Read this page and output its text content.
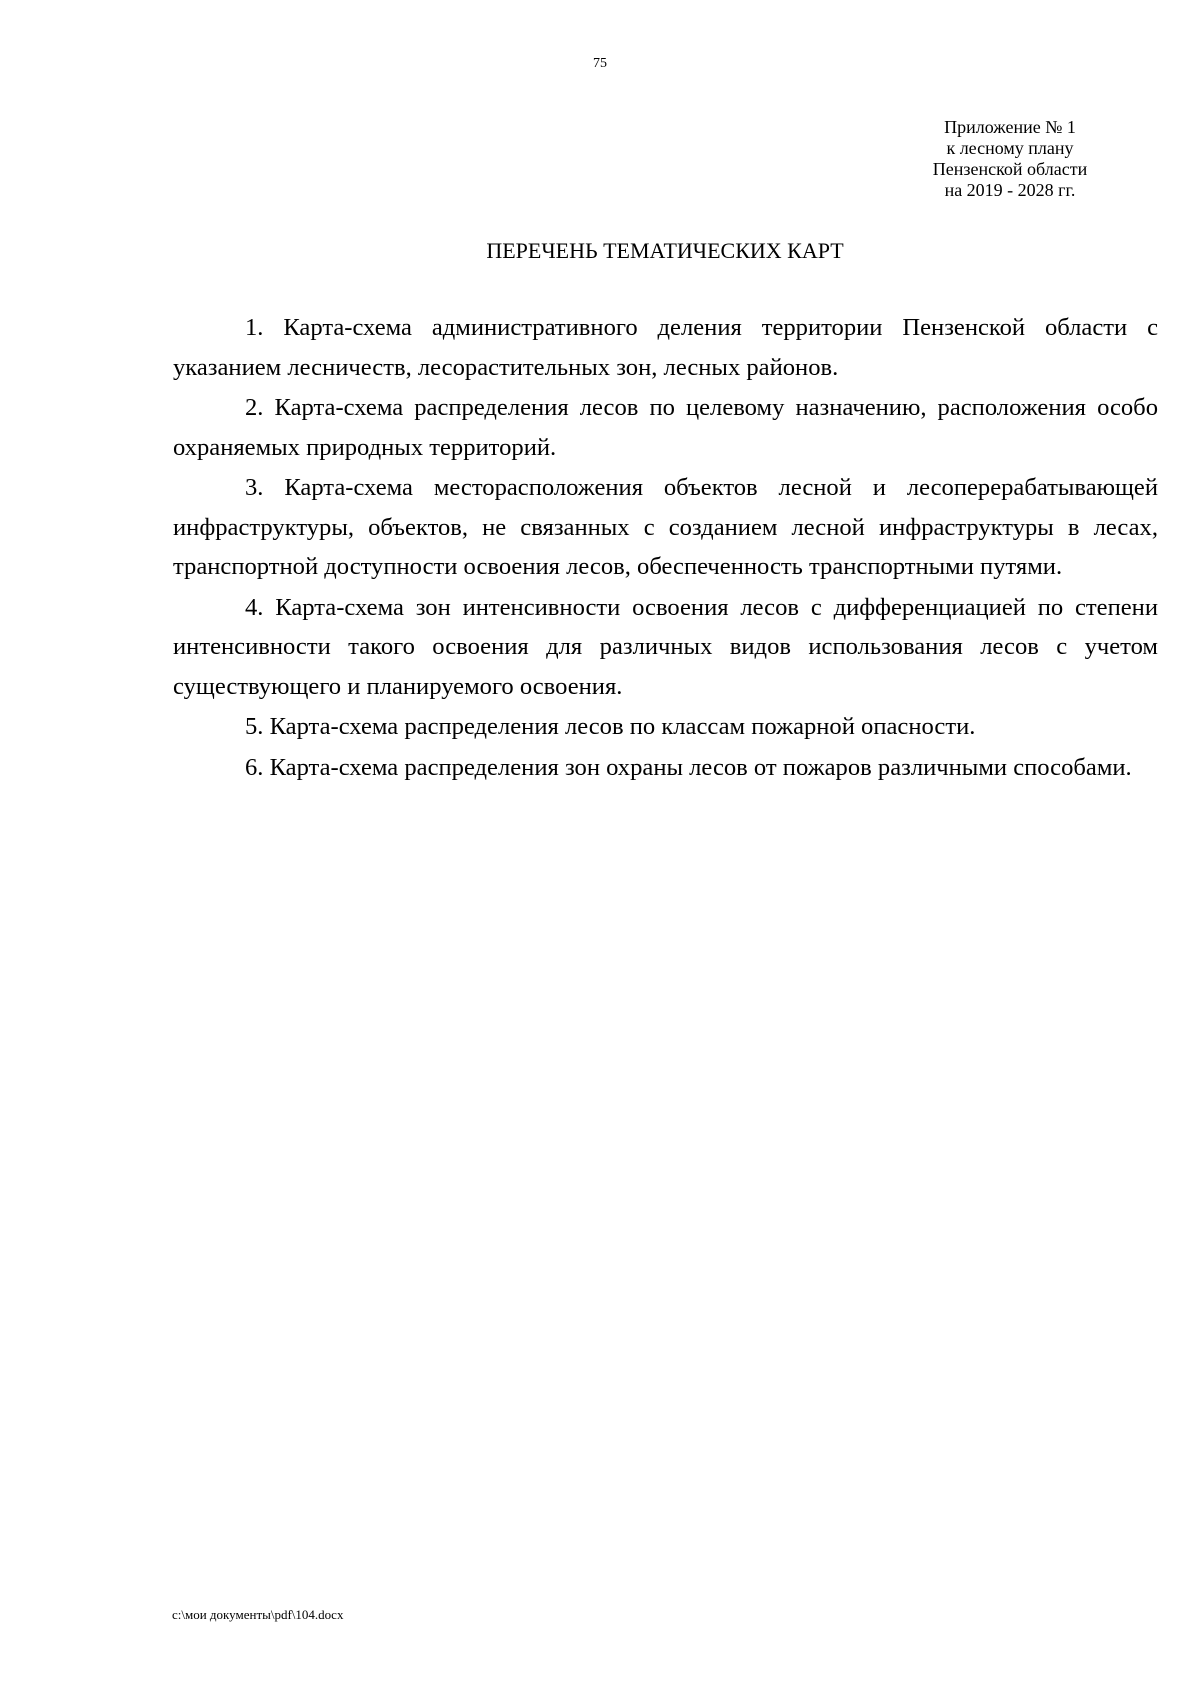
75
Приложение № 1
к лесному плану
Пензенской области
на 2019 - 2028 гг.
ПЕРЕЧЕНЬ ТЕМАТИЧЕСКИХ КАРТ
1. Карта-схема административного деления территории Пензенской области с указанием лесничеств, лесорастительных зон, лесных районов.
2. Карта-схема распределения лесов по целевому назначению, расположения особо охраняемых природных территорий.
3. Карта-схема месторасположения объектов лесной и лесоперерабатывающей инфраструктуры, объектов, не связанных с созданием лесной инфраструктуры в лесах, транспортной доступности освоения лесов, обеспеченность транспортными путями.
4. Карта-схема зон интенсивности освоения лесов с дифференциацией по степени интенсивности такого освоения для различных видов использования лесов с учетом существующего и планируемого освоения.
5. Карта-схема распределения лесов по классам пожарной опасности.
6. Карта-схема распределения зон охраны лесов от пожаров различными способами.
c:\мои документы\pdf\104.docx
